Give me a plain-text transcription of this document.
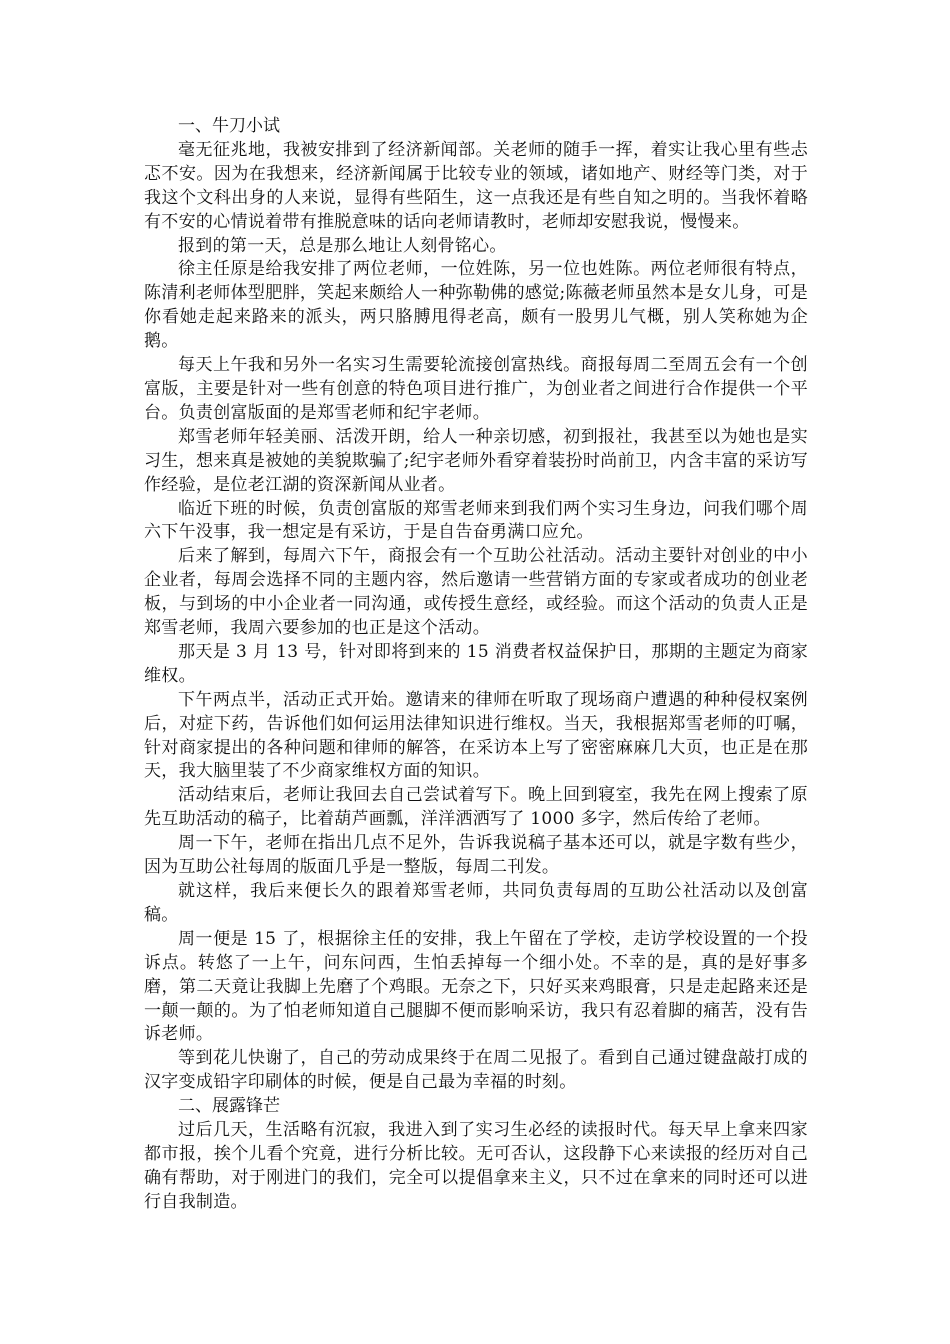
一、牛刀小试

毫无征兆地，我被安排到了经济新闻部。关老师的随手一挥，着实让我心里有些忐忑不安。因为在我想来，经济新闻属于比较专业的领域，诸如地产、财经等门类，对于我这个文科出身的人来说，显得有些陌生，这一点我还是有些自知之明的。当我怀着略有不安的心情说着带有推脱意味的话向老师请教时，老师却安慰我说，慢慢来。

报到的第一天，总是那么地让人刻骨铭心。

徐主任原是给我安排了两位老师，一位姓陈，另一位也姓陈。两位老师很有特点，陈清利老师体型肥胖，笑起来颇给人一种弥勒佛的感觉;陈薇老师虽然本是女儿身，可是你看她走起来路来的派头，两只胳膊甩得老高，颇有一股男儿气概，别人笑称她为企鹅。

每天上午我和另外一名实习生需要轮流接创富热线。商报每周二至周五会有一个创富版，主要是针对一些有创意的特色项目进行推广，为创业者之间进行合作提供一个平台。负责创富版面的是郑雪老师和纪宇老师。

郑雪老师年轻美丽、活泼开朗，给人一种亲切感，初到报社，我甚至以为她也是实习生，想来真是被她的美貌欺骗了;纪宇老师外看穿着装扮时尚前卫，内含丰富的采访写作经验，是位老江湖的资深新闻从业者。

临近下班的时候，负责创富版的郑雪老师来到我们两个实习生身边，问我们哪个周六下午没事，我一想定是有采访，于是自告奋勇满口应允。

后来了解到，每周六下午，商报会有一个互助公社活动。活动主要针对创业的中小企业者，每周会选择不同的主题内容，然后邀请一些营销方面的专家或者成功的创业老板，与到场的中小企业者一同沟通，或传授生意经，或经验。而这个活动的负责人正是郑雪老师，我周六要参加的也正是这个活动。

那天是 3 月 13 号，针对即将到来的 15 消费者权益保护日，那期的主题定为商家维权。

下午两点半，活动正式开始。邀请来的律师在听取了现场商户遭遇的种种侵权案例后，对症下药，告诉他们如何运用法律知识进行维权。当天，我根据郑雪老师的叮嘱，针对商家提出的各种问题和律师的解答，在采访本上写了密密麻麻几大页，也正是在那天，我大脑里装了不少商家维权方面的知识。

活动结束后，老师让我回去自己尝试着写下。晚上回到寝室，我先在网上搜索了原先互助活动的稿子，比着葫芦画瓢，洋洋洒洒写了 1000 多字，然后传给了老师。

周一下午，老师在指出几点不足外，告诉我说稿子基本还可以，就是字数有些少，因为互助公社每周的版面几乎是一整版，每周二刊发。

就这样，我后来便长久的跟着郑雪老师，共同负责每周的互助公社活动以及创富稿。

周一便是 15 了，根据徐主任的安排，我上午留在了学校，走访学校设置的一个投诉点。转悠了一上午，问东问西，生怕丢掉每一个细小处。不幸的是，真的是好事多磨，第二天竟让我脚上先磨了个鸡眼。无奈之下，只好买来鸡眼膏，只是走起路来还是一颠一颠的。为了怕老师知道自己腿脚不便而影响采访，我只有忍着脚的痛苦，没有告诉老师。

等到花儿快谢了，自己的劳动成果终于在周二见报了。看到自己通过键盘敲打成的汉字变成铅字印刷体的时候，便是自己最为幸福的时刻。

二、展露锋芒

过后几天，生活略有沉寂，我进入到了实习生必经的读报时代。每天早上拿来四家都市报，挨个儿看个究竟，进行分析比较。无可否认，这段静下心来读报的经历对自己确有帮助，对于刚进门的我们，完全可以提倡拿来主义，只不过在拿来的同时还可以进行自我制造。
